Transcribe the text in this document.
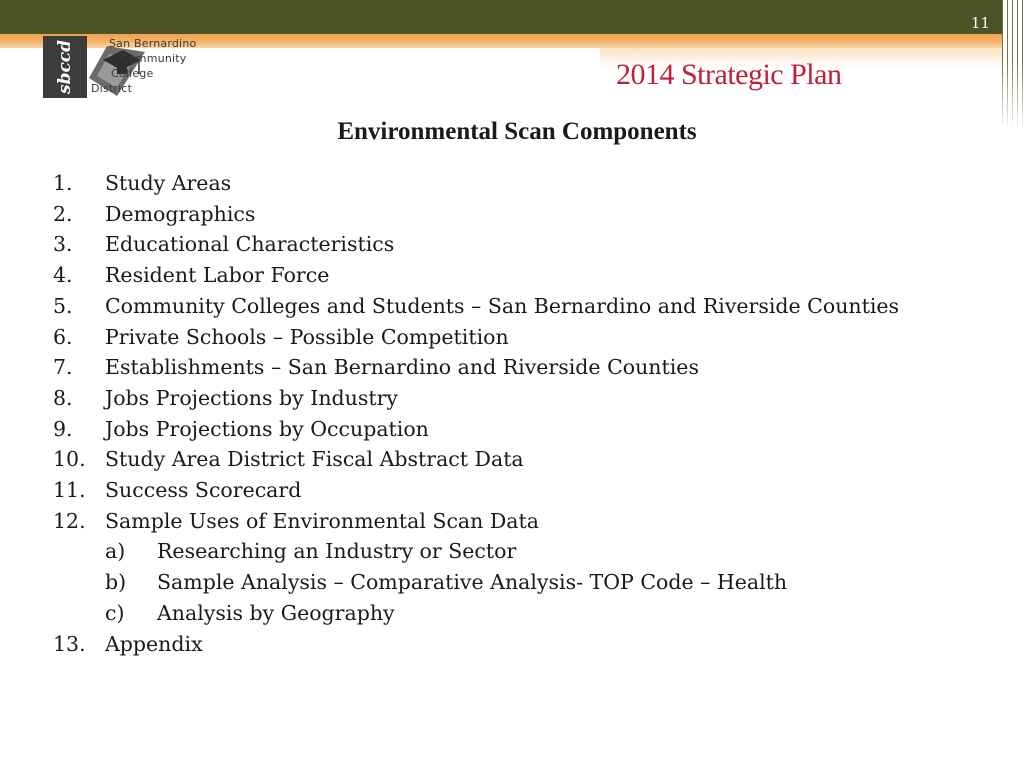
11
sbccd	San Bernardino
Community
College
District	2014 Strategic Plan
Environmental Scan Components
1. Study Areas
2. Demographics
3. Educational Characteristics
4. Resident Labor Force
5. Community Colleges and Students – San Bernardino and Riverside Counties
6. Private Schools – Possible Competition
7. Establishments – San Bernardino and Riverside Counties
8. Jobs Projections by Industry
9. Jobs Projections by Occupation
10. Study Area District Fiscal Abstract Data
11. Success Scorecard
12. Sample Uses of Environmental Scan Data
a) Researching an Industry or Sector
b) Sample Analysis – Comparative Analysis- TOP Code – Health
c) Analysis by Geography
13. Appendix
